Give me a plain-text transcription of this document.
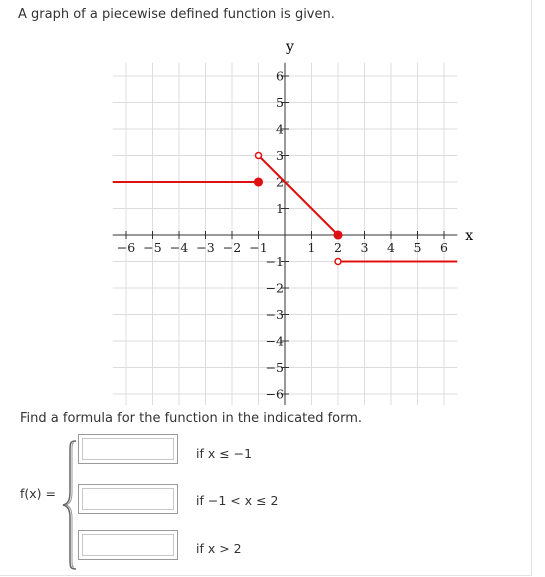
A graph of a piecewise defined function is given.
−6 −5 −4 −3 −2 −1	1 2 3 4 5 6
6
5
4
3
2
1
−1
−2
−3
−4
−5
−6
x
y
Find a formula for the function in the indicated form.
f(x) =
if x ≤ −1
if −1 < x ≤ 2
if x > 2
